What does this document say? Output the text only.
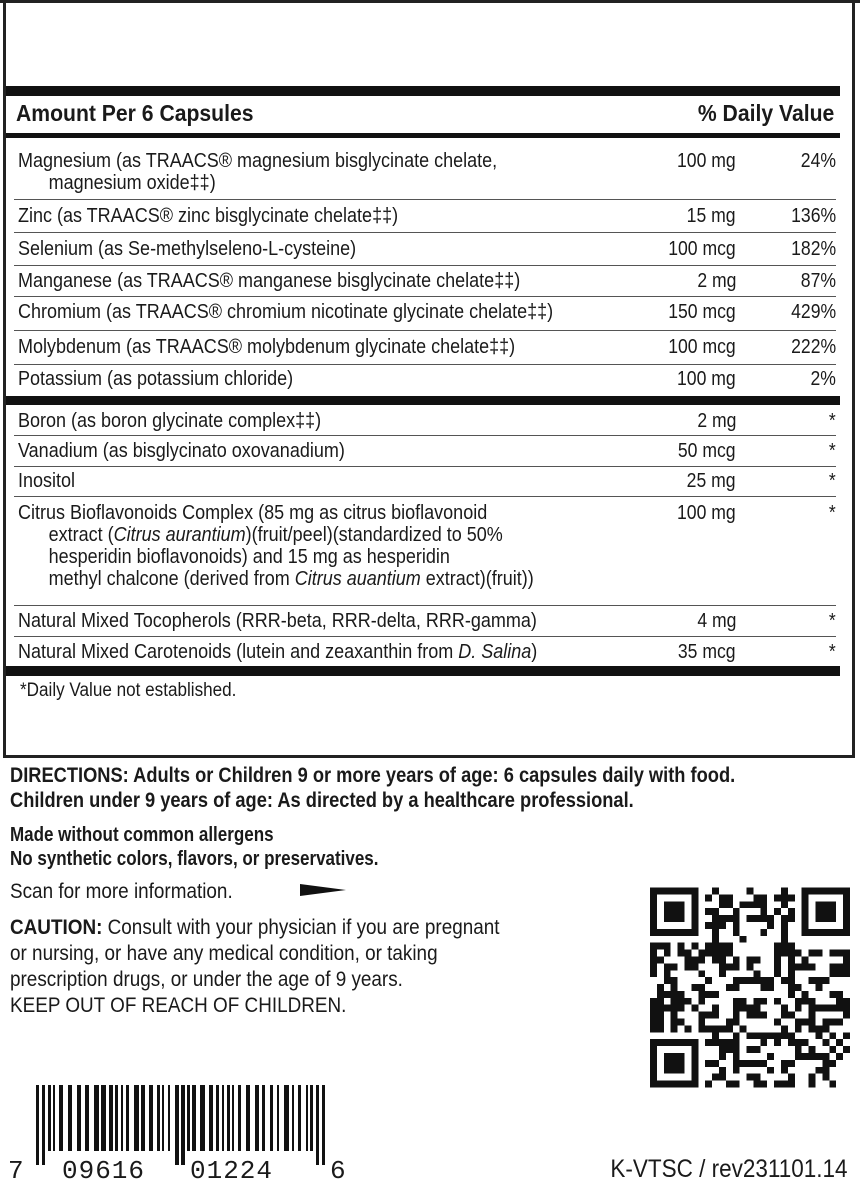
Amount Per 6 Capsules	% Daily Value
Magnesium (as TRAACS® magnesium bisglycinate chelate,
magnesium oxide‡‡)
100 mg	24%
Zinc (as TRAACS® zinc bisglycinate chelate‡‡)	15 mg	136%
Selenium (as Se-methylseleno-L-cysteine)	100 mcg	182%
Manganese (as TRAACS® manganese bisglycinate chelate‡‡)	2 mg	87%
Chromium (as TRAACS® chromium nicotinate glycinate chelate‡‡)	150 mcg	429%
Molybdenum (as TRAACS® molybdenum glycinate chelate‡‡)	100 mcg	222%
Potassium (as potassium chloride)	100 mg	2%
Boron (as boron glycinate complex‡‡)	2 mg	*
Vanadium (as bisglycinato oxovanadium)	50 mcg	*
Inositol	25 mg	*
Citrus Bioflavonoids Complex (85 mg as citrus bioflavonoid
extract (Citrus aurantium)(fruit/peel)(standardized to 50%
hesperidin bioflavonoids) and 15 mg as hesperidin
methyl chalcone (derived from Citrus auantium extract)(fruit))
100 mg	*
Natural Mixed Tocopherols (RRR-beta, RRR-delta, RRR-gamma)	4 mg	*
Natural Mixed Carotenoids (lutein and zeaxanthin from D. Salina)	35 mcg	*
*Daily Value not established.
DIRECTIONS: Adults or Children 9 or more years of age: 6 capsules daily with food.
Children under 9 years of age: As directed by a healthcare professional.
Made without common allergens
No synthetic colors, flavors, or preservatives.
Scan for more information.
CAUTION: Consult with your physician if you are pregnant
or nursing, or have any medical condition, or taking
prescription drugs, or under the age of 9 years.
KEEP OUT OF REACH OF CHILDREN.
7 09616 01224 6	K-VTSC / rev231101.14
